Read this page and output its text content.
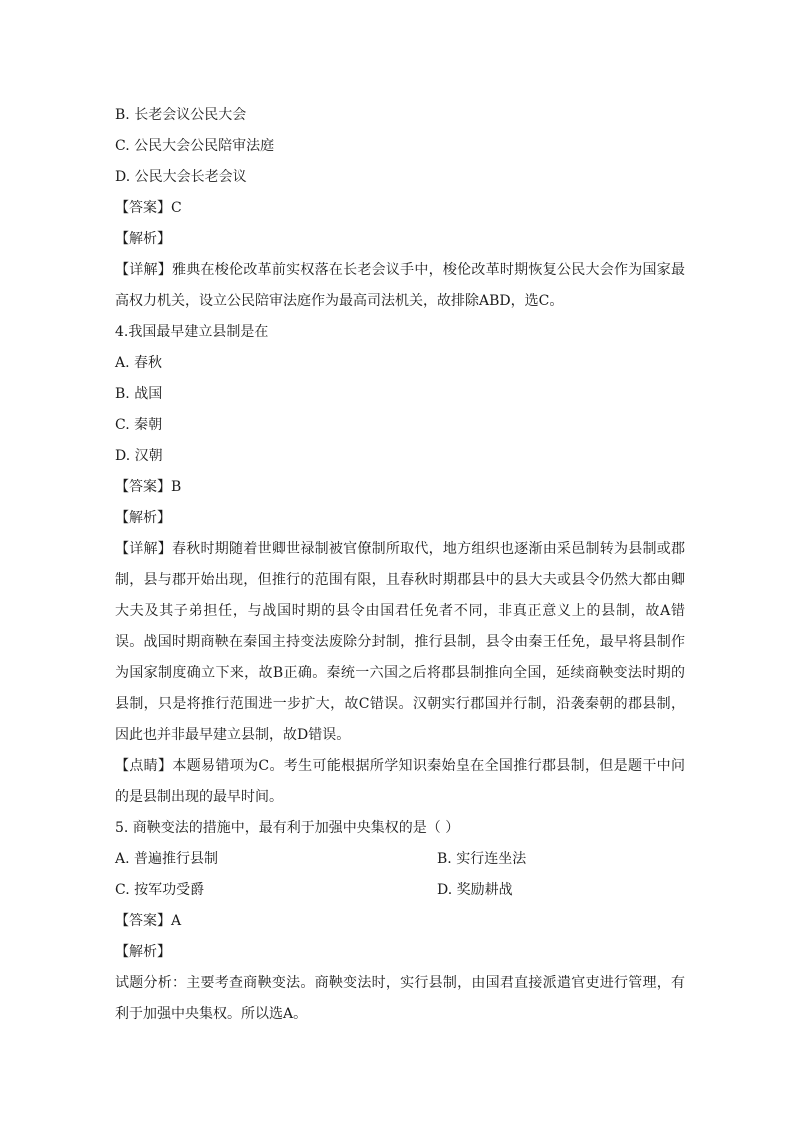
B. 长老会议公民大会

C. 公民大会公民陪审法庭

D. 公民大会长老会议

【答案】C

【解析】

【详解】雅典在梭伦改革前实权落在长老会议手中，梭伦改革时期恢复公民大会作为国家最高权力机关，设立公民陪审法庭作为最高司法机关，故排除ABD，选C。

4.我国最早建立县制是在

A. 春秋

B. 战国

C. 秦朝

D. 汉朝

【答案】B

【解析】

【详解】春秋时期随着世卿世禄制被官僚制所取代，地方组织也逐渐由采邑制转为县制或郡制，县与郡开始出现，但推行的范围有限，且春秋时期郡县中的县大夫或县令仍然大都由卿大夫及其子弟担任，与战国时期的县令由国君任免者不同，非真正意义上的县制，故A错误。战国时期商鞅在秦国主持变法废除分封制，推行县制，县令由秦王任免，最早将县制作为国家制度确立下来，故B正确。秦统一六国之后将郡县制推向全国，延续商鞅变法时期的县制，只是将推行范围进一步扩大，故C错误。汉朝实行郡国并行制，沿袭秦朝的郡县制，因此也并非最早建立县制，故D错误。

【点睛】本题易错项为C。考生可能根据所学知识秦始皇在全国推行郡县制，但是题干中问的是县制出现的最早时间。

5. 商鞅变法的措施中，最有利于加强中央集权的是（ ）

A. 普遍推行县制	B. 实行连坐法
C. 按军功受爵	D. 奖励耕战

【答案】A

【解析】

试题分析：主要考查商鞅变法。商鞅变法时，实行县制，由国君直接派遣官吏进行管理，有利于加强中央集权。所以选A。
